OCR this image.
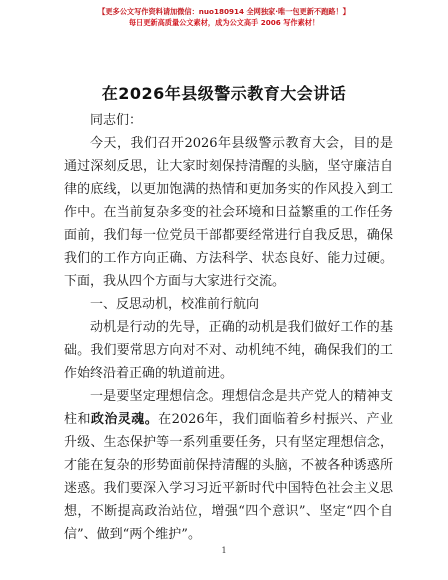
【更多公文写作资料请加微信：nuo180914 全网独家·唯一包更新不跑路！】
每日更新高质量公文素材，成为公文高手 2006 写作素材！
在2026年县级警示教育大会讲话

同志们：

今天，我们召开2026年县级警示教育大会，目的是通过深刻反思，让大家时刻保持清醒的头脑，坚守廉洁自律的底线，以更加饱满的热情和更加务实的作风投入到工作中。在当前复杂多变的社会环境和日益繁重的工作任务面前，我们每一位党员干部都要经常进行自我反思，确保我们的工作方向正确、方法科学、状态良好、能力过硬。下面，我从四个方面与大家进行交流。

一、反思动机，校准前行航向

动机是行动的先导，正确的动机是我们做好工作的基础。我们要常思方向对不对、动机纯不纯，确保我们的工作始终沿着正确的轨道前进。

一是要坚定理想信念。理想信念是共产党人的精神支柱和政治灵魂。在2026年，我们面临着乡村振兴、产业升级、生态保护等一系列重要任务，只有坚定理想信念，才能在复杂的形势面前保持清醒的头脑，不被各种诱惑所迷惑。我们要深入学习习近平新时代中国特色社会主义思想，不断提高政治站位，增强“四个意识”、坚定“四个自信”、做到“两个维护”。

1
